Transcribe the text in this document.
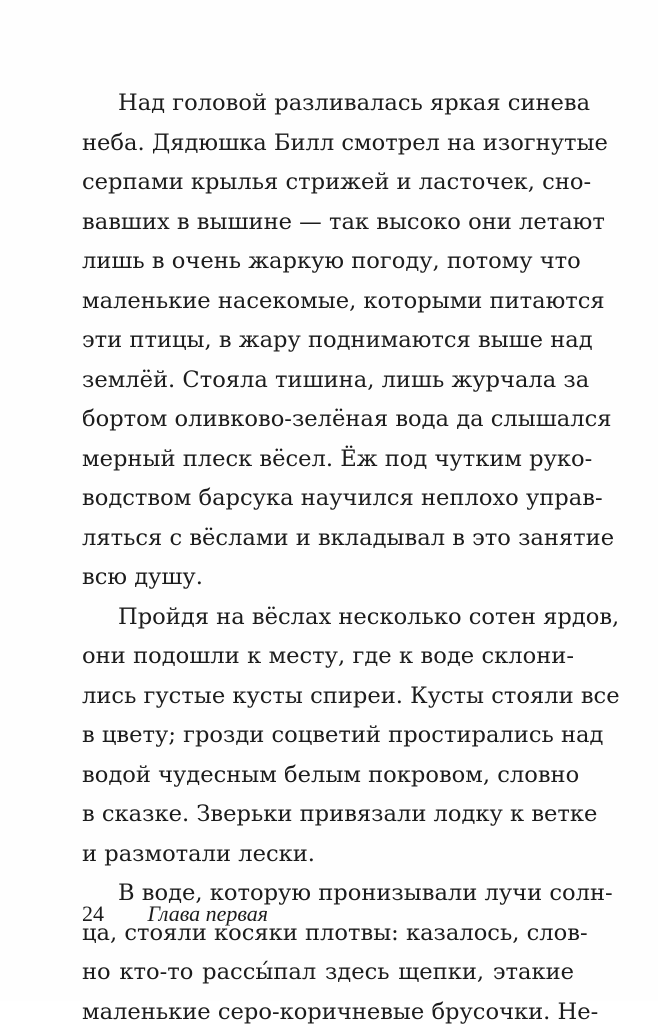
Над головой разливалась яркая синева
неба. Дядюшка Билл смотрел на изогнутые
серпами крылья стрижей и ласточек, сно-
вавших в вышине — так высоко они летают
лишь в очень жаркую погоду, потому что
маленькие насекомые, которыми питаются
эти птицы, в жару поднимаются выше над
землёй. Стояла тишина, лишь журчала за
бортом оливково-зелёная вода да слышался
мерный плеск вёсел. Ёж под чутким руко-
водством барсука научился неплохо управ-
ляться с вёслами и вкладывал в это занятие
всю душу.

Пройдя на вёслах несколько сотен ярдов,
они подошли к месту, где к воде склони-
лись густые кусты спиреи. Кусты стояли все
в цвету; грозди соцветий простирались над
водой чудесным белым покровом, словно
в сказке. Зверьки привязали лодку к ветке
и размотали лески.

В воде, которую пронизывали лучи солн-
ца, стояли косяки плотвы: казалось, слов-
но кто-то рассы́пал здесь щепки, этакие
маленькие серо-коричневые брусочки. Не-

24 Глава первая
